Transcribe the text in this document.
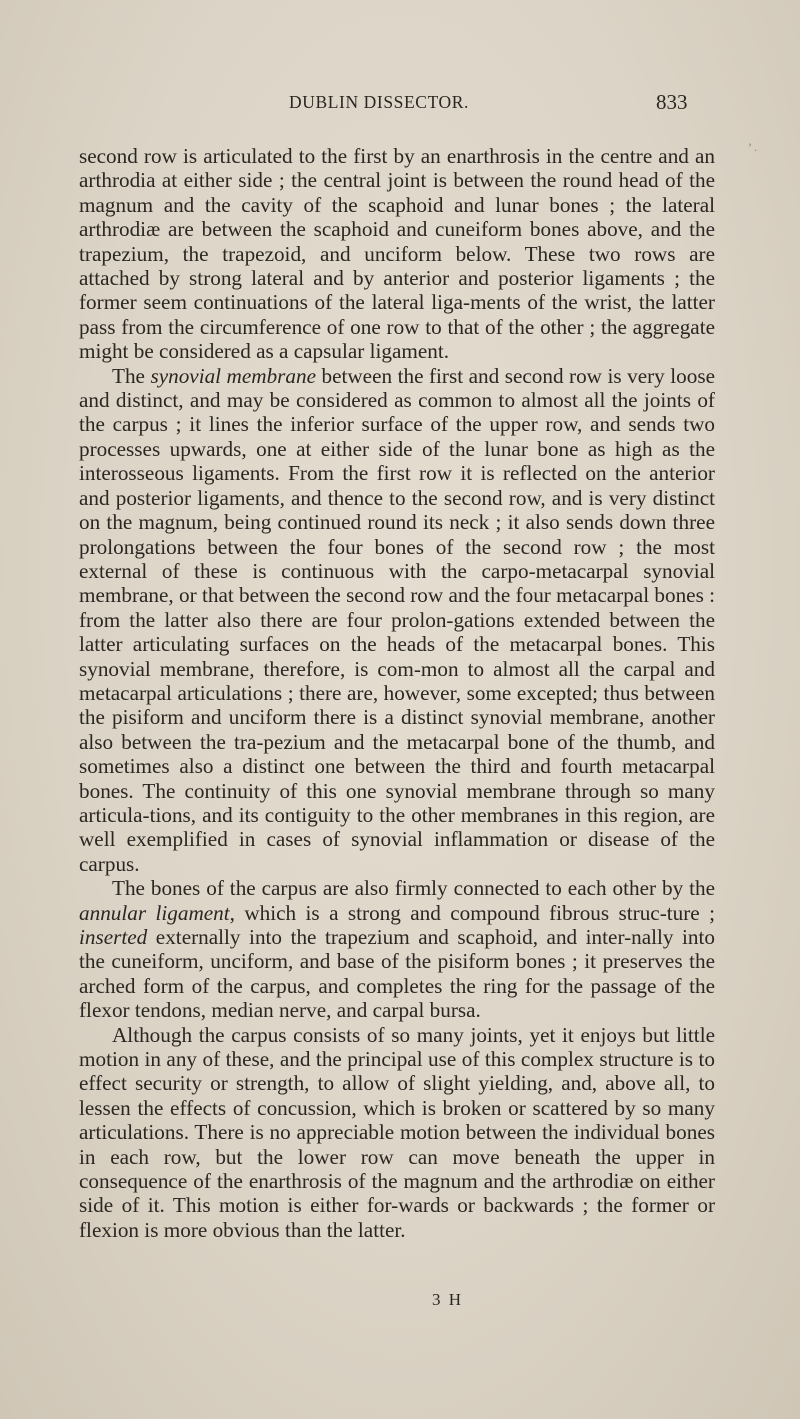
DUBLIN DISSECTOR.	833
’ .

second row is articulated to the first by an enarthrosis in the centre and an arthrodia at either side ; the central joint is between the round head of the magnum and the cavity of the scaphoid and lunar bones ; the lateral arthrodiæ are between the scaphoid and cuneiform bones above, and the trapezium, the trapezoid, and unciform below. These two rows are attached by strong lateral and by anterior and posterior ligaments ; the former seem continuations of the lateral liga-ments of the wrist, the latter pass from the circumference of one row to that of the other ; the aggregate might be considered as a capsular ligament.

The synovial membrane between the first and second row is very loose and distinct, and may be considered as common to almost all the joints of the carpus ; it lines the inferior surface of the upper row, and sends two processes upwards, one at either side of the lunar bone as high as the interosseous ligaments. From the first row it is reflected on the anterior and posterior ligaments, and thence to the second row, and is very distinct on the magnum, being continued round its neck ; it also sends down three prolongations between the four bones of the second row ; the most external of these is continuous with the carpo-metacarpal synovial membrane, or that between the second row and the four metacarpal bones : from the latter also there are four prolon-gations extended between the latter articulating surfaces on the heads of the metacarpal bones. This synovial membrane, therefore, is com-mon to almost all the carpal and metacarpal articulations ; there are, however, some excepted; thus between the pisiform and unciform there is a distinct synovial membrane, another also between the tra-pezium and the metacarpal bone of the thumb, and sometimes also a distinct one between the third and fourth metacarpal bones. The continuity of this one synovial membrane through so many articula-tions, and its contiguity to the other membranes in this region, are well exemplified in cases of synovial inflammation or disease of the carpus.

The bones of the carpus are also firmly connected to each other by the annular ligament, which is a strong and compound fibrous struc-ture ; inserted externally into the trapezium and scaphoid, and inter-nally into the cuneiform, unciform, and base of the pisiform bones ; it preserves the arched form of the carpus, and completes the ring for the passage of the flexor tendons, median nerve, and carpal bursa.

Although the carpus consists of so many joints, yet it enjoys but little motion in any of these, and the principal use of this complex structure is to effect security or strength, to allow of slight yielding, and, above all, to lessen the effects of concussion, which is broken or scattered by so many articulations. There is no appreciable motion between the individual bones in each row, but the lower row can move beneath the upper in consequence of the enarthrosis of the magnum and the arthrodiæ on either side of it. This motion is either for-wards or backwards ; the former or flexion is more obvious than the latter.

3 H
